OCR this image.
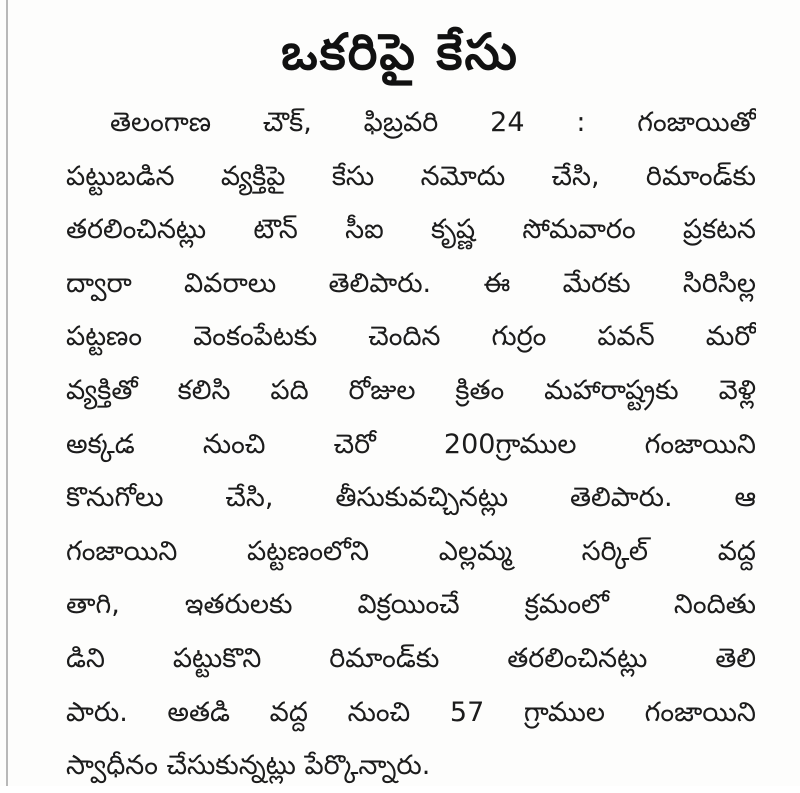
ఒకరిపై కేసు
తెలంగాణ చౌక్, ఫిబ్రవరి 24 : గంజాయితో
పట్టుబడిన వ్యక్తిపై కేసు నమోదు చేసి, రిమాండ్‌కు
తరలించినట్లు టౌన్ సీఐ కృష్ణ సోమవారం ప్రకటన
ద్వారా వివరాలు తెలిపారు. ఈ మేరకు సిరిసిల్ల
పట్టణం వెంకంపేటకు చెందిన గుర్రం పవన్ మరో
వ్యక్తితో కలిసి పది రోజుల క్రితం మహారాష్ట్రకు వెళ్లి
అక్కడ నుంచి చెరో 200గ్రాముల గంజాయిని
కొనుగోలు చేసి, తీసుకువచ్చినట్లు తెలిపారు. ఆ
గంజాయిని పట్టణంలోని ఎల్లమ్మ సర్కిల్ వద్ద
తాగి, ఇతరులకు విక్రయించే క్రమంలో నిందితు
డిని పట్టుకొని రిమాండ్‌కు తరలించినట్లు తెలి
పారు. అతడి వద్ద నుంచి 57 గ్రాముల గంజాయిని
స్వాధీనం చేసుకున్నట్లు పేర్కొన్నారు.
